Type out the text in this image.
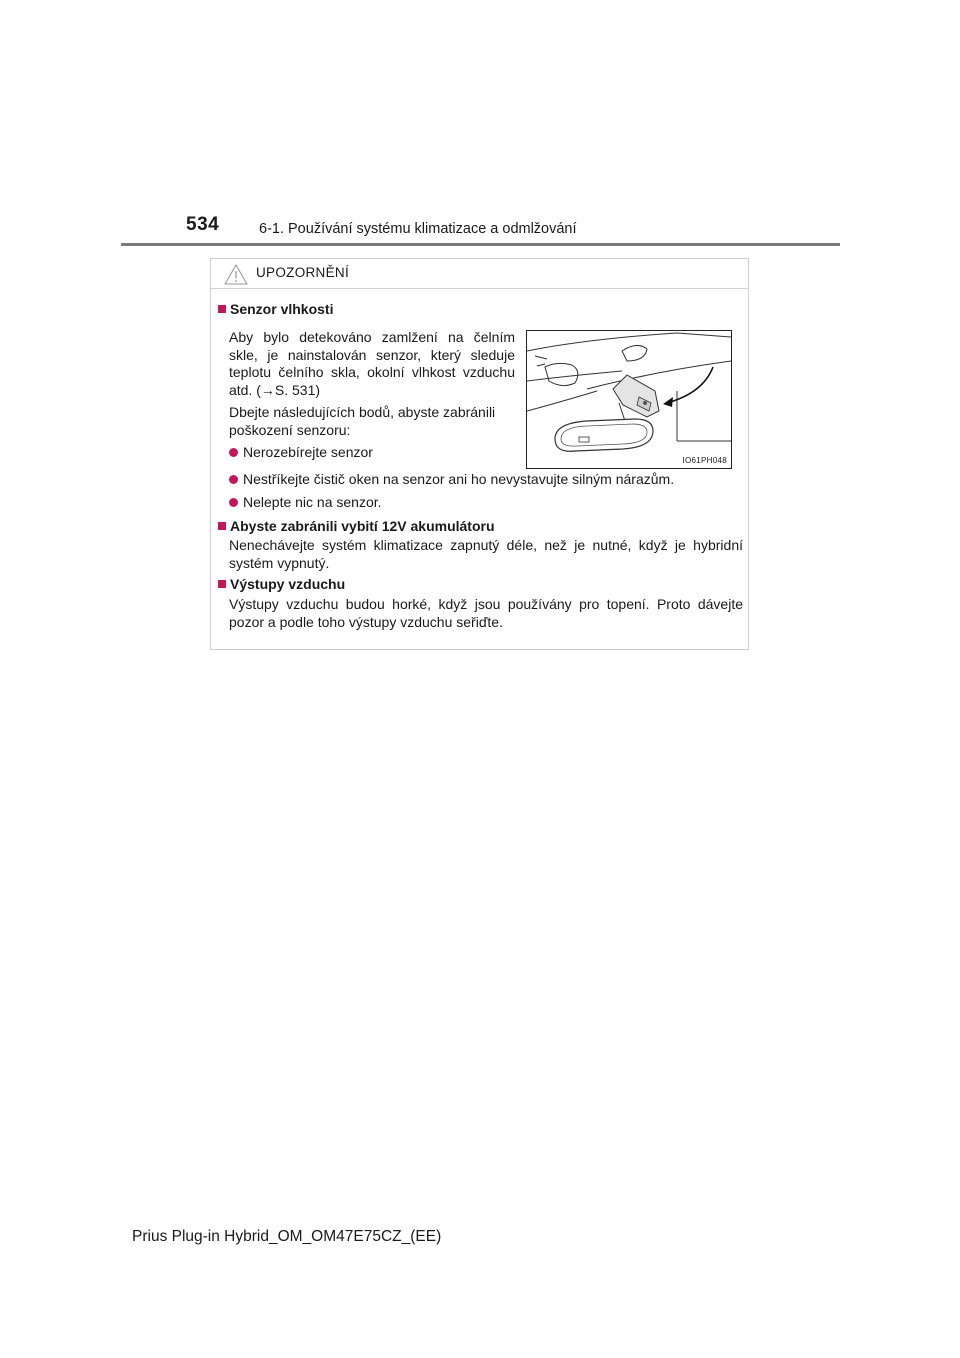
534	6-1. Používání systému klimatizace a odmlžování
UPOZORNĚNÍ
Senzor vlhkosti
Aby bylo detekováno zamlžení na čelním skle, je nainstalován senzor, který sleduje teplotu čelního skla, okolní vlhkost vzduchu atd. (→S. 531)
Dbejte následujících bodů, abyste zabránili poškození senzoru:
Nerozebírejte senzor
IO61PH048
Nestříkejte čistič oken na senzor ani ho nevystavujte silným nárazům.
Nelepte nic na senzor.
Abyste zabránili vybití 12V akumulátoru
Nenechávejte systém klimatizace zapnutý déle, než je nutné, když je hybridní systém vypnutý.
Výstupy vzduchu
Výstupy vzduchu budou horké, když jsou používány pro topení. Proto dávejte pozor a podle toho výstupy vzduchu seřiďte.
Prius Plug-in Hybrid_OM_OM47E75CZ_(EE)
